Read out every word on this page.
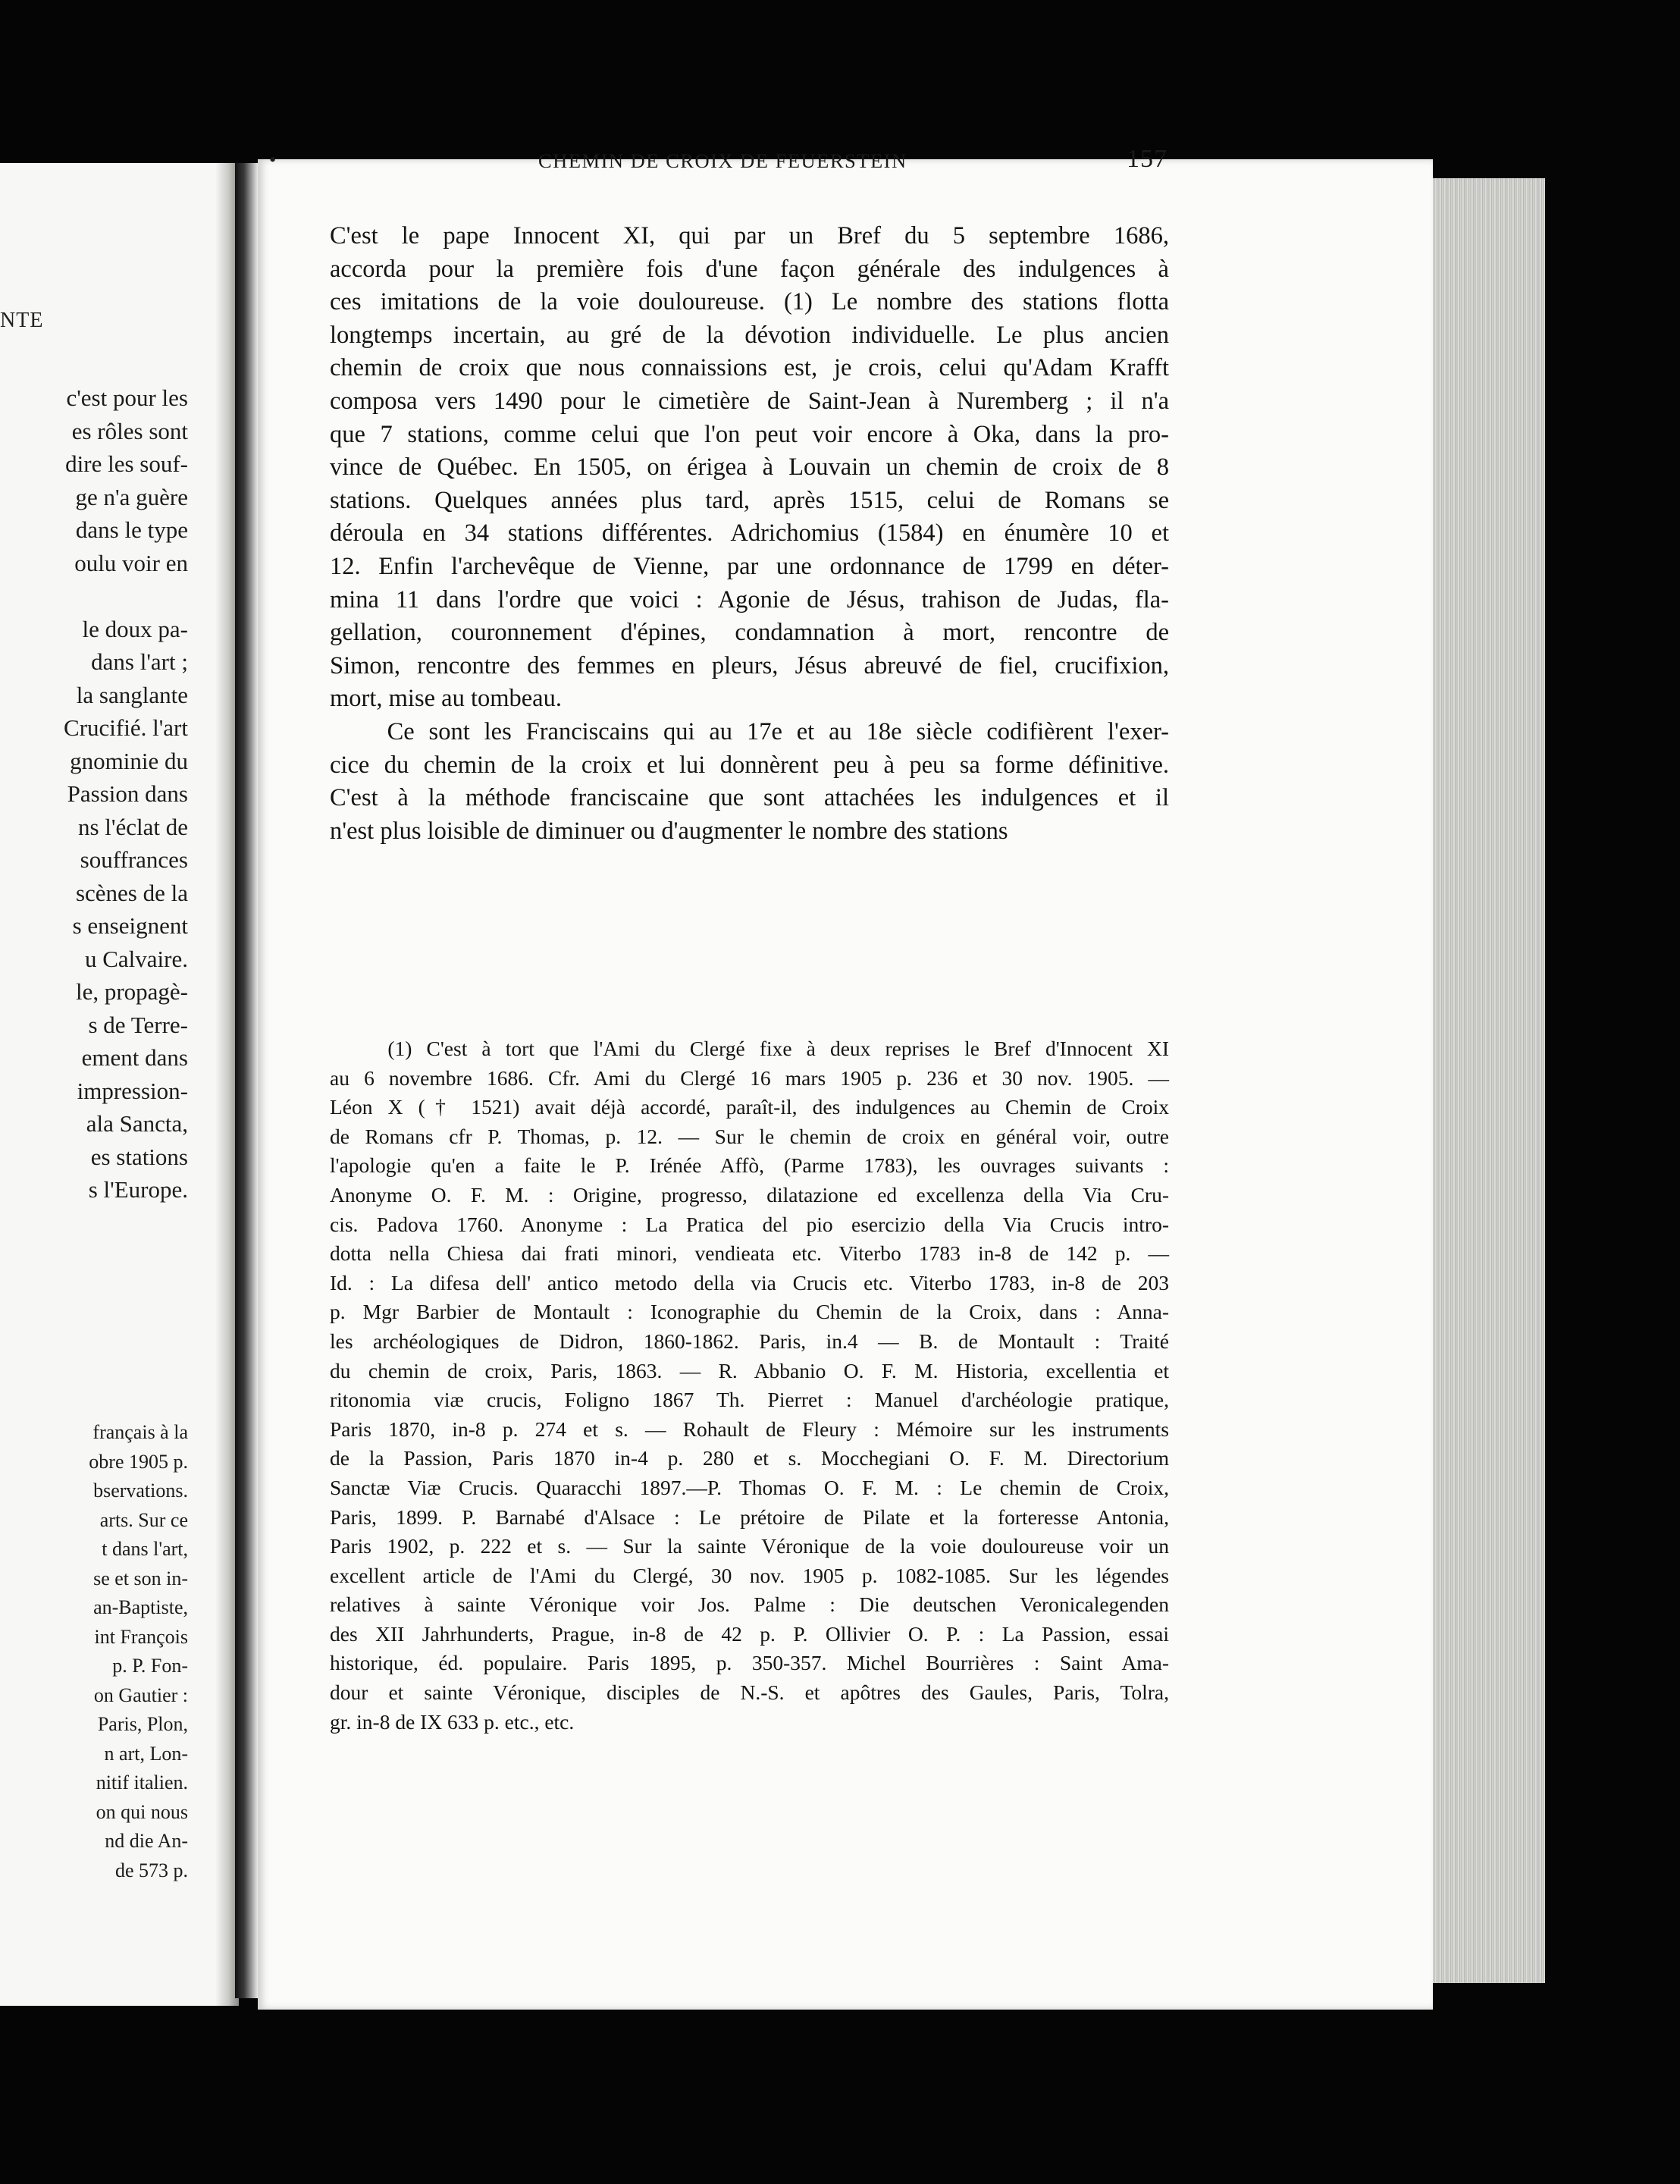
NTE
c'est pour les
es rôles sont
dire les souf-
ge n'a guère
dans le type
oulu voir en
le doux pa-
dans l'art ;
la sanglante
Crucifié. l'art
gnominie du
Passion dans
ns l'éclat de
souffrances
scènes de la
s enseignent
u Calvaire.
le, propagè-
s de Terre-
ement dans
impression-
ala Sancta,
es stations
s l'Europe.
français à la
obre 1905 p.
bservations.
arts. Sur ce
t dans l'art,
se et son in-
an-Baptiste,
int François
p. P. Fon-
on Gautier :
Paris, Plon,
n art, Lon-
nitif italien.
on qui nous
nd die An-
de 573 p.
•	CHEMIN DE CROIX DE FEUERSTEIN	157
C'est le pape Innocent XI, qui par un Bref du 5 septembre 1686,
accorda pour la première fois d'une façon générale des indulgences à
ces imitations de la voie douloureuse. (1) Le nombre des stations flotta
longtemps incertain, au gré de la dévotion individuelle. Le plus ancien
chemin de croix que nous connaissions est, je crois, celui qu'Adam Krafft
composa vers 1490 pour le cimetière de Saint-Jean à Nuremberg ; il n'a
que 7 stations, comme celui que l'on peut voir encore à Oka, dans la pro-
vince de Québec. En 1505, on érigea à Louvain un chemin de croix de 8
stations. Quelques années plus tard, après 1515, celui de Romans se
déroula en 34 stations différentes. Adrichomius (1584) en énumère 10 et
12. Enfin l'archevêque de Vienne, par une ordonnance de 1799 en déter-
mina 11 dans l'ordre que voici : Agonie de Jésus, trahison de Judas, fla-
gellation, couronnement d'épines, condamnation à mort, rencontre de
Simon, rencontre des femmes en pleurs, Jésus abreuvé de fiel, crucifixion,
mort, mise au tombeau.
Ce sont les Franciscains qui au 17e et au 18e siècle codifièrent l'exer-
cice du chemin de la croix et lui donnèrent peu à peu sa forme définitive.
C'est à la méthode franciscaine que sont attachées les indulgences et il
n'est plus loisible de diminuer ou d'augmenter le nombre des stations
(1) C'est à tort que l'Ami du Clergé fixe à deux reprises le Bref d'Innocent XI
au 6 novembre 1686. Cfr. Ami du Clergé 16 mars 1905 p. 236 et 30 nov. 1905. —
Léon X († 1521) avait déjà accordé, paraît-il, des indulgences au Chemin de Croix
de Romans cfr P. Thomas, p. 12. — Sur le chemin de croix en général voir, outre
l'apologie qu'en a faite le P. Irénée Affò, (Parme 1783), les ouvrages suivants :
Anonyme O. F. M. : Origine, progresso, dilatazione ed excellenza della Via Cru-
cis. Padova 1760. Anonyme : La Pratica del pio esercizio della Via Crucis intro-
dotta nella Chiesa dai frati minori, vendieata etc. Viterbo 1783 in-8 de 142 p. —
Id. : La difesa dell' antico metodo della via Crucis etc. Viterbo 1783, in-8 de 203
p. Mgr Barbier de Montault : Iconographie du Chemin de la Croix, dans : Anna-
les archéologiques de Didron, 1860-1862. Paris, in.4 — B. de Montault : Traité
du chemin de croix, Paris, 1863. — R. Abbanio O. F. M. Historia, excellentia et
ritonomia viæ crucis, Foligno 1867 Th. Pierret : Manuel d'archéologie pratique,
Paris 1870, in-8 p. 274 et s. — Rohault de Fleury : Mémoire sur les instruments
de la Passion, Paris 1870 in-4 p. 280 et s. Mocchegiani O. F. M. Directorium
Sanctæ Viæ Crucis. Quaracchi 1897.—P. Thomas O. F. M. : Le chemin de Croix,
Paris, 1899. P. Barnabé d'Alsace : Le prétoire de Pilate et la forteresse Antonia,
Paris 1902, p. 222 et s. — Sur la sainte Véronique de la voie douloureuse voir un
excellent article de l'Ami du Clergé, 30 nov. 1905 p. 1082-1085. Sur les légendes
relatives à sainte Véronique voir Jos. Palme : Die deutschen Veronicalegenden
des XII Jahrhunderts, Prague, in-8 de 42 p. P. Ollivier O. P. : La Passion, essai
historique, éd. populaire. Paris 1895, p. 350-357. Michel Bourrières : Saint Ama-
dour et sainte Véronique, disciples de N.-S. et apôtres des Gaules, Paris, Tolra,
gr. in-8 de IX 633 p. etc., etc.
